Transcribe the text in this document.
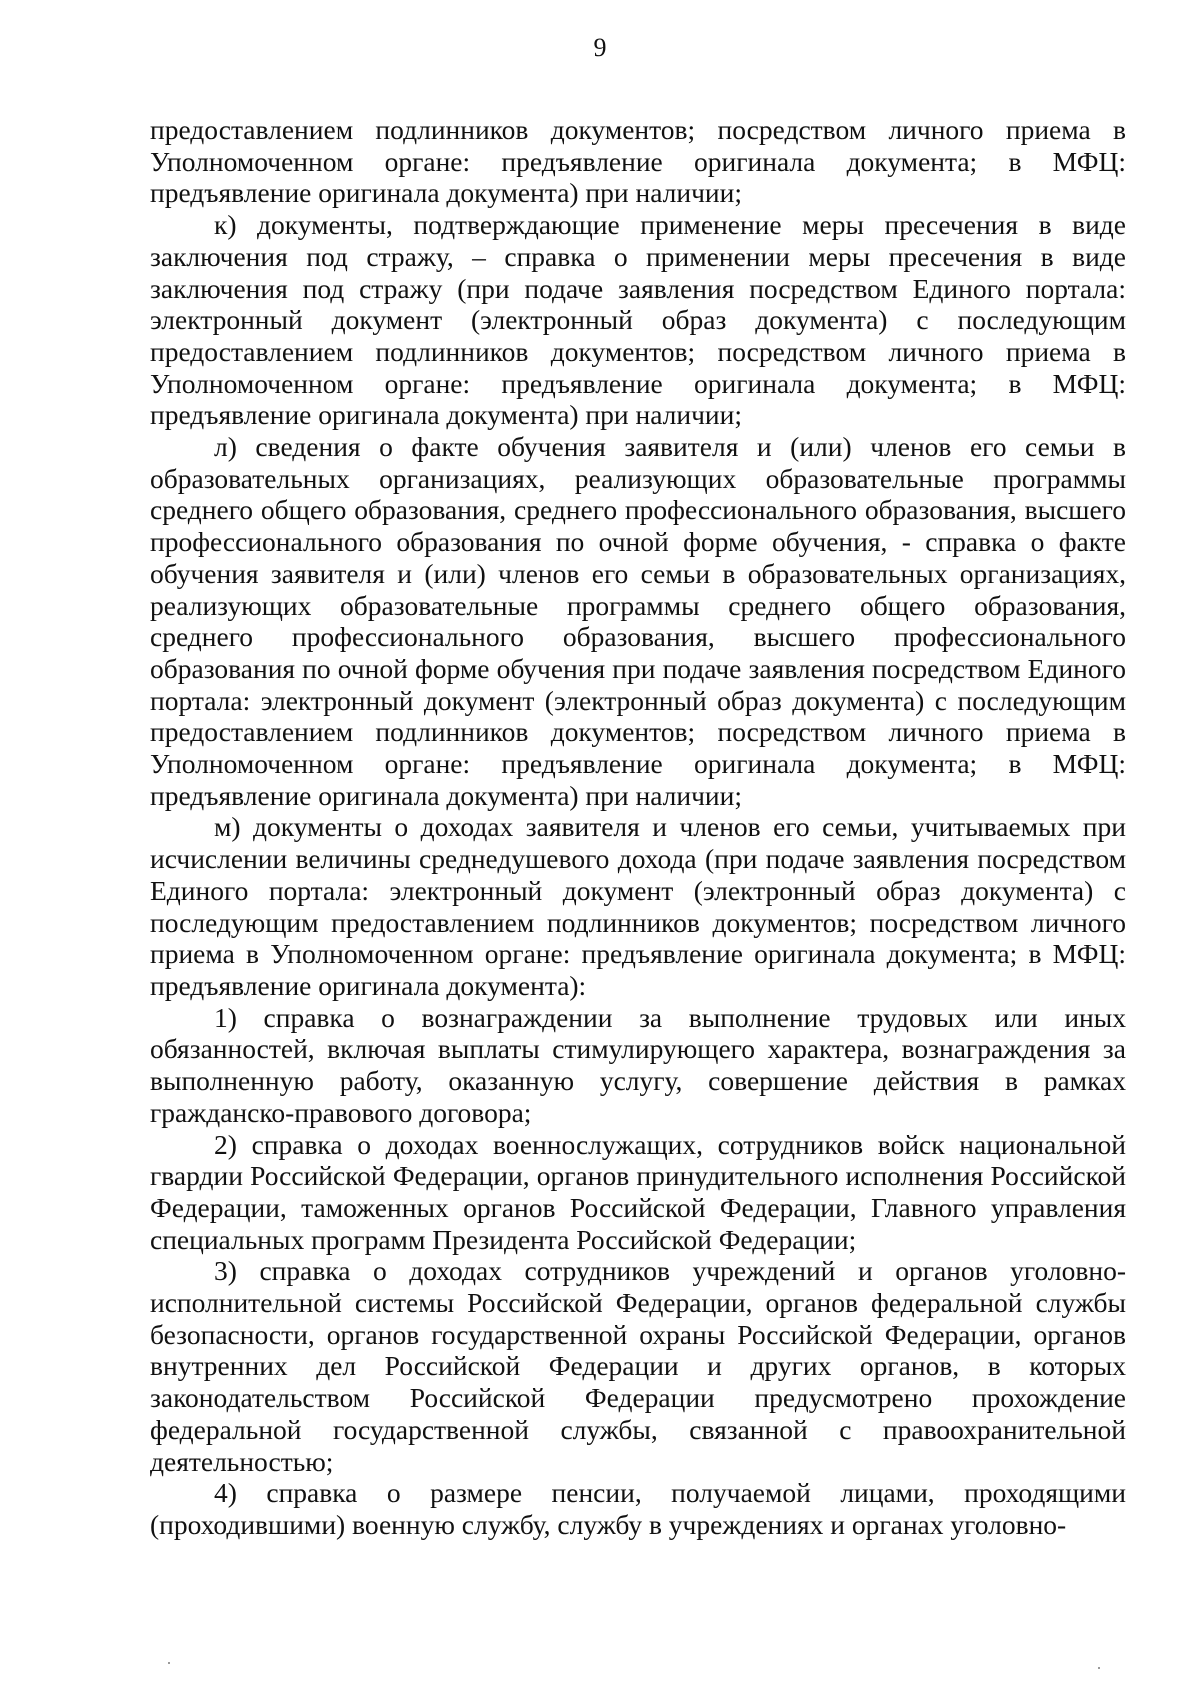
9

предоставлением подлинников документов; посредством личного приема в Уполномоченном органе: предъявление оригинала документа; в МФЦ: предъявление оригинала документа) при наличии;

к) документы, подтверждающие применение меры пресечения в виде заключения под стражу, – справка о применении меры пресечения в виде заключения под стражу (при подаче заявления посредством Единого портала: электронный документ (электронный образ документа) с последующим предоставлением подлинников документов; посредством личного приема в Уполномоченном органе: предъявление оригинала документа; в МФЦ: предъявление оригинала документа) при наличии;

л) сведения о факте обучения заявителя и (или) членов его семьи в образовательных организациях, реализующих образовательные программы среднего общего образования, среднего профессионального образования, высшего профессионального образования по очной форме обучения, - справка о факте обучения заявителя и (или) членов его семьи в образовательных организациях, реализующих образовательные программы среднего общего образования, среднего профессионального образования, высшего профессионального образования по очной форме обучения при подаче заявления посредством Единого портала: электронный документ (электронный образ документа) с последующим предоставлением подлинников документов; посредством личного приема в Уполномоченном органе: предъявление оригинала документа; в МФЦ: предъявление оригинала документа) при наличии;

м) документы о доходах заявителя и членов его семьи, учитываемых при исчислении величины среднедушевого дохода (при подаче заявления посредством Единого портала: электронный документ (электронный образ документа) с последующим предоставлением подлинников документов; посредством личного приема в Уполномоченном органе: предъявление оригинала документа; в МФЦ: предъявление оригинала документа):

1) справка о вознаграждении за выполнение трудовых или иных обязанностей, включая выплаты стимулирующего характера, вознаграждения за выполненную работу, оказанную услугу, совершение действия в рамках гражданско-правового договора;

2) справка о доходах военнослужащих, сотрудников войск национальной гвардии Российской Федерации, органов принудительного исполнения Российской Федерации, таможенных органов Российской Федерации, Главного управления специальных программ Президента Российской Федерации;

3) справка о доходах сотрудников учреждений и органов уголовно-исполнительной системы Российской Федерации, органов федеральной службы безопасности, органов государственной охраны Российской Федерации, органов внутренних дел Российской Федерации и других органов, в которых законодательством Российской Федерации предусмотрено прохождение федеральной государственной службы, связанной с правоохранительной деятельностью;

4) справка о размере пенсии, получаемой лицами, проходящими (проходившими) военную службу, службу в учреждениях и органах уголовно-
